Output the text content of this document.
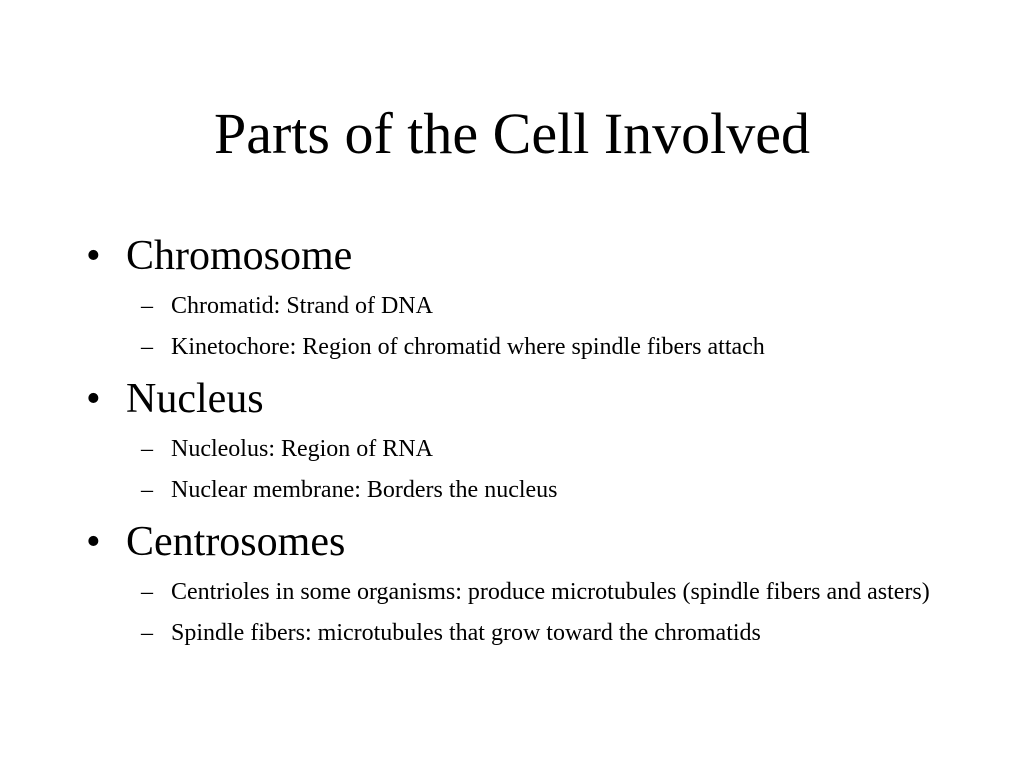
Parts of the Cell Involved

• Chromosome

– Chromatid: Strand of DNA
– Kinetochore: Region of chromatid where spindle fibers attach

• Nucleus

– Nucleolus: Region of RNA
– Nuclear membrane: Borders the nucleus

• Centrosomes

– Centrioles in some organisms: produce microtubules (spindle fibers and asters)
– Spindle fibers: microtubules that grow toward the chromatids
